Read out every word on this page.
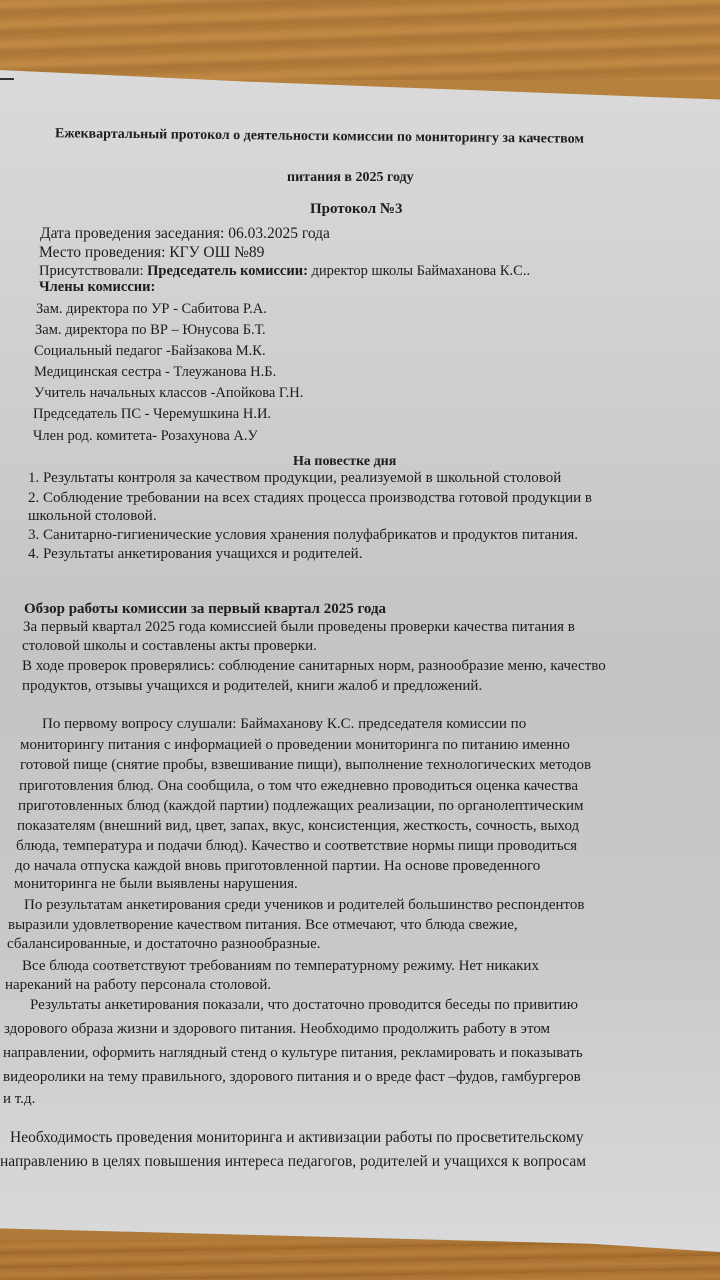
Ежеквартальный протокол о деятельности комиссии по мониторингу за качеством
питания в 2025 году
Протокол №3
Дата проведения заседания: 06.03.2025 года
Место проведения: КГУ ОШ №89
Присутствовали: Председатель комиссии: директор школы Баймаханова К.С..
Члены комиссии:
Зам. директора по УР - Сабитова Р.А.
Зам. директора по ВР – Юнусова Б.Т.
Социальный педагог -Байзакова М.К.
Медицинская сестра - Тлеужанова Н.Б.
Учитель начальных классов -Апойкова Г.Н.
Председатель ПС - Черемушкина Н.И.
Член род. комитета- Розахунова А.У
На повестке дня
1. Результаты контроля за качеством продукции, реализуемой в школьной столовой
2. Соблюдение требовании на всех стадиях процесса производства готовой продукции в
школьной столовой.
3. Санитарно-гигиенические условия хранения полуфабрикатов и продуктов питания.
4. Результаты анкетирования учащихся и родителей.
Обзор работы комиссии за первый квартал 2025 года
За первый квартал 2025 года комиссией были проведены проверки качества питания в
столовой школы и составлены акты проверки.
В ходе проверок проверялись: соблюдение санитарных норм, разнообразие меню, качество
продуктов, отзывы учащихся и родителей, книги жалоб и предложений.
По первому вопросу слушали: Баймаханову К.С. председателя комиссии по
мониторингу питания с информацией о проведении мониторинга по питанию именно
готовой пище (снятие пробы, взвешивание пищи), выполнение технологических методов
приготовления блюд. Она сообщила, о том что ежедневно проводиться оценка качества
приготовленных блюд (каждой партии) подлежащих реализации, по органолептическим
показателям (внешний вид, цвет, запах, вкус, консистенция, жесткость, сочность, выход
блюда, температура и подачи блюд). Качество и соответствие нормы пищи проводиться
до начала отпуска каждой вновь приготовленной партии. На основе проведенного
мониторинга не были выявлены нарушения.
По результатам анкетирования среди учеников и родителей большинство респондентов
выразили удовлетворение качеством питания. Все отмечают, что блюда свежие,
сбалансированные, и достаточно разнообразные.
Все блюда соответствуют требованиям по температурному режиму. Нет никаких
нареканий на работу персонала столовой.
Результаты анкетирования показали, что достаточно проводится беседы по привитию
здорового образа жизни и здорового питания. Необходимо продолжить работу в этом
направлении, оформить наглядный стенд о культуре питания, рекламировать и показывать
видеоролики на тему правильного, здорового питания и о вреде фаст –фудов, гамбургеров
и т.д.
Необходимость проведения мониторинга и активизации работы по просветительскому
направлению в целях повышения интереса педагогов, родителей и учащихся к вопросам
